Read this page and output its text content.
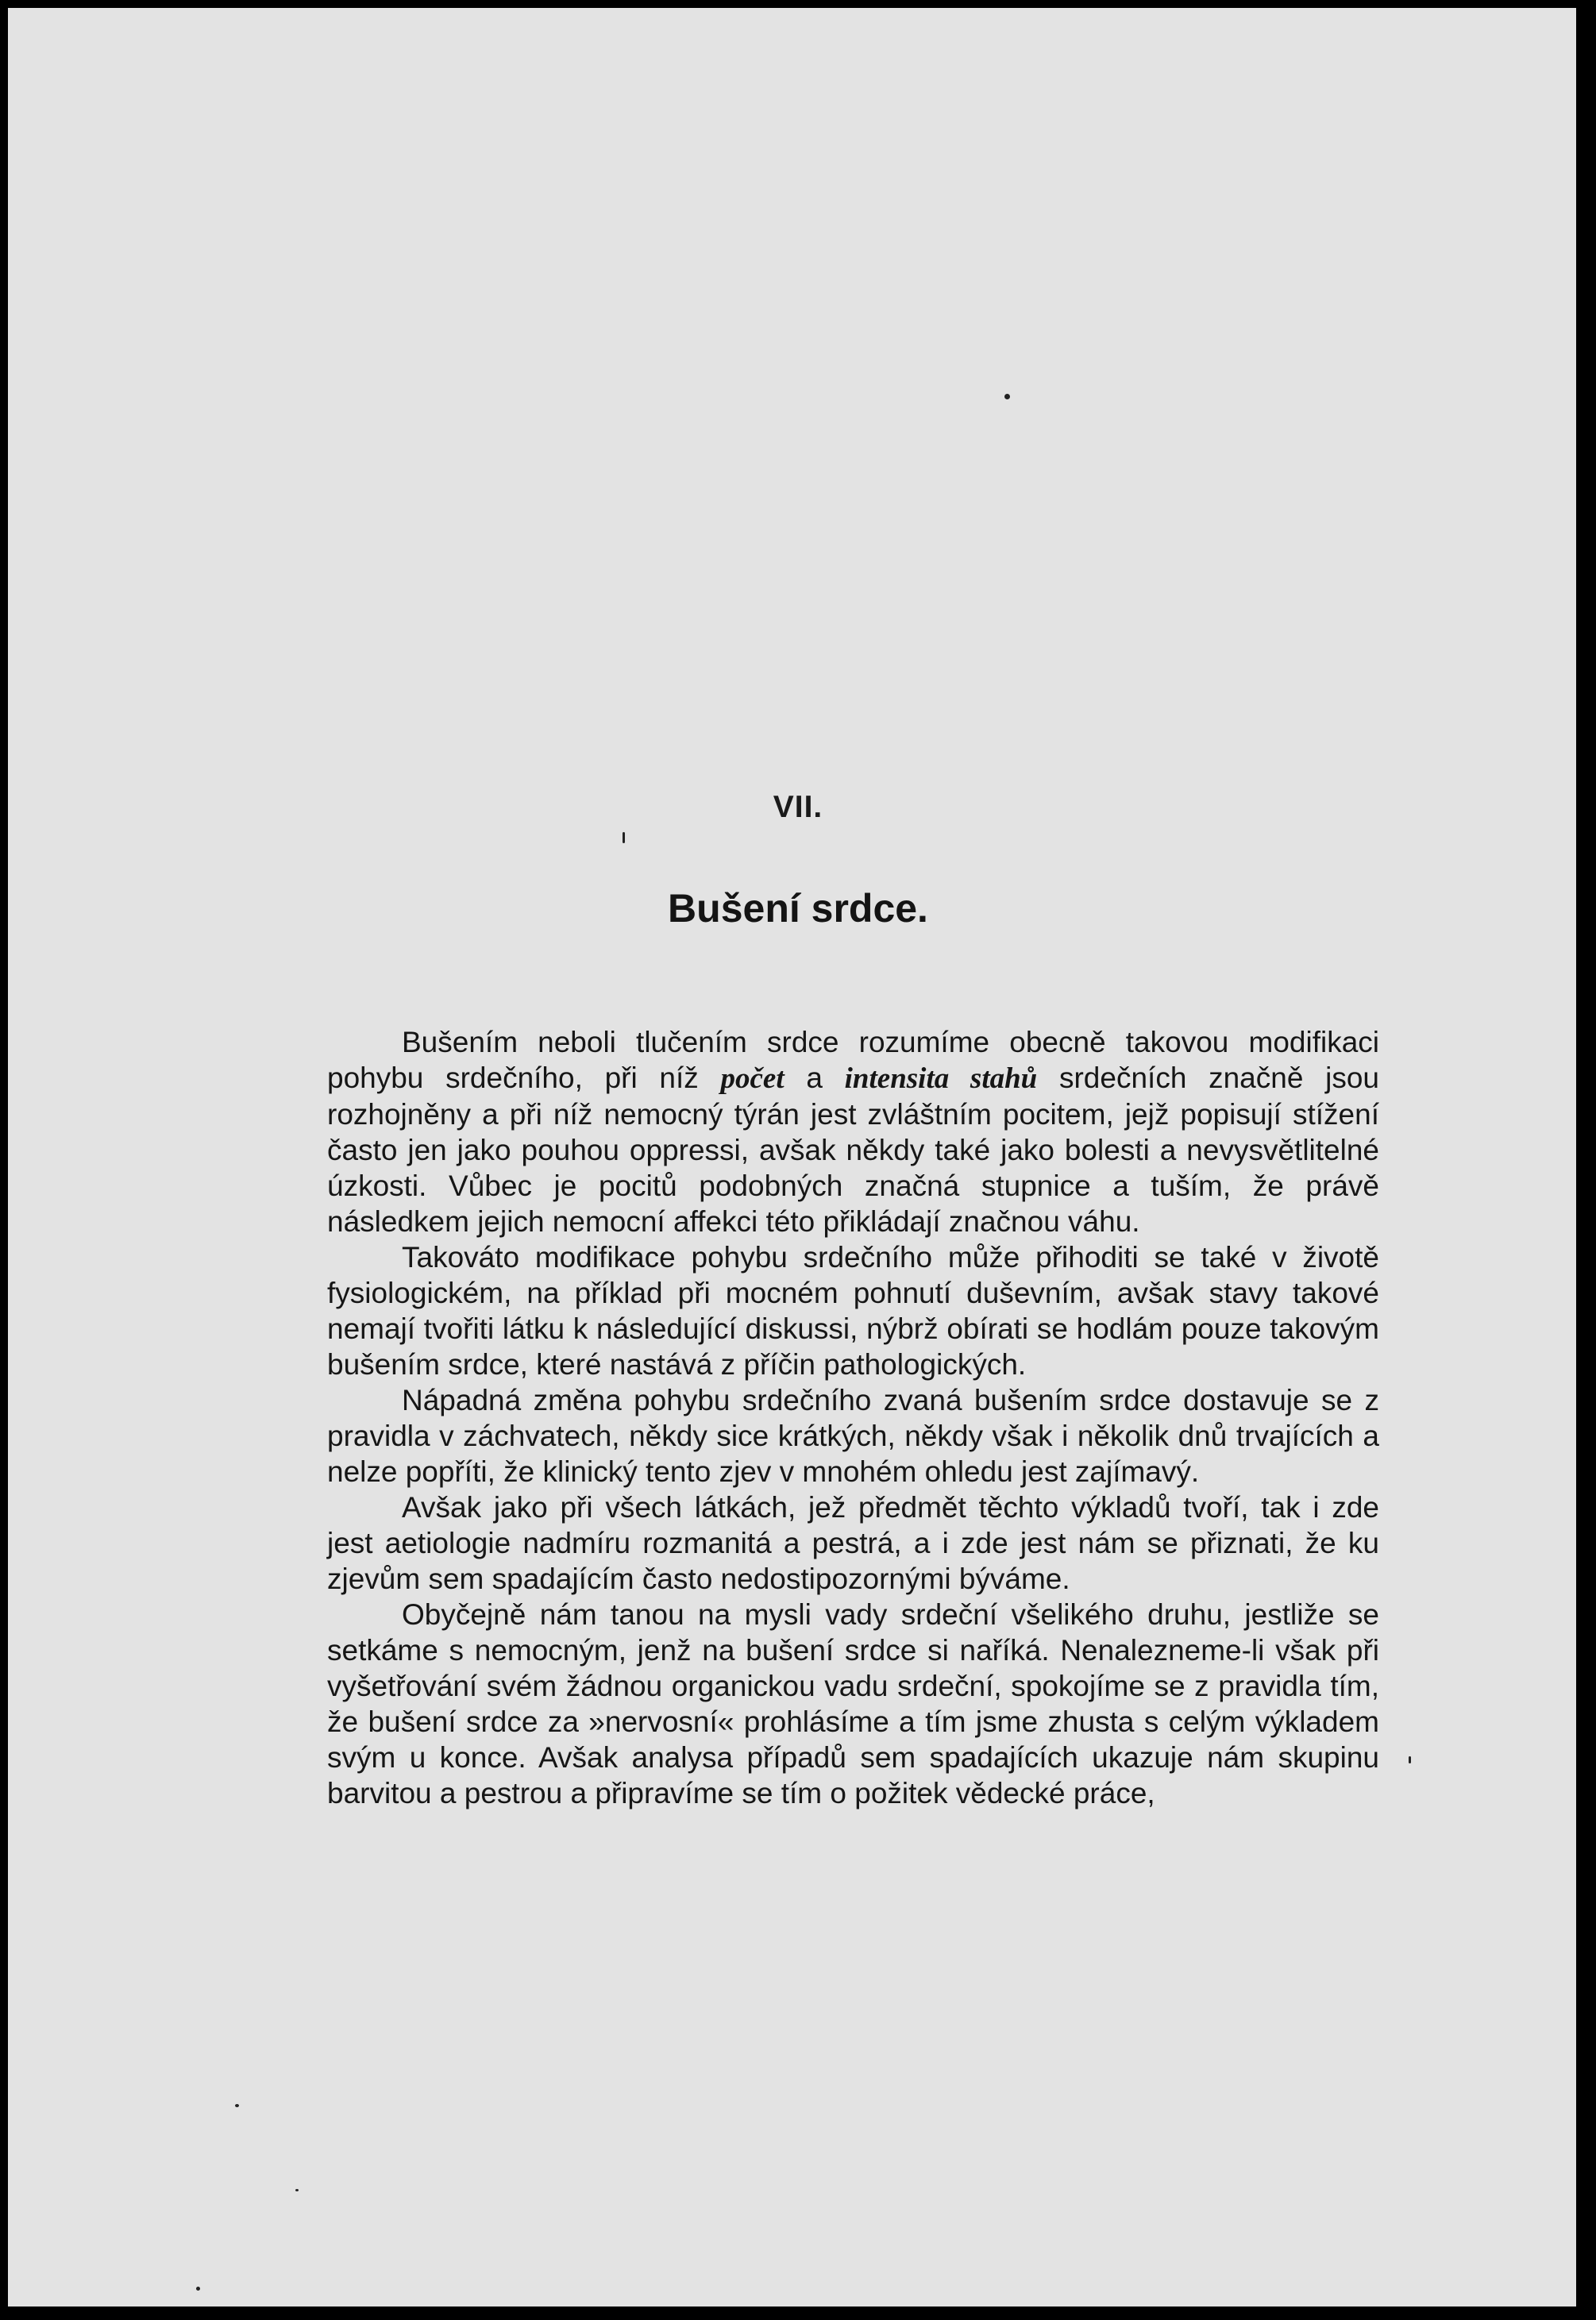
VII.
Bušení srdce.

Bušením neboli tlučením srdce rozumíme obecně takovou modifikaci pohybu srdečního, při níž počet a intensita stahů srdečních značně jsou rozhojněny a při níž nemocný týrán jest zvláštním pocitem, jejž popisují stížení často jen jako pouhou oppressi, avšak někdy také jako bolesti a nevysvětlitelné úzkosti. Vůbec je pocitů podobných značná stupnice a tuším, že právě následkem jejich nemocní affekci této přikládají značnou váhu.

Takováto modifikace pohybu srdečního může přihoditi se také v životě fysiologickém, na příklad při mocném pohnutí duševním, avšak stavy takové nemají tvořiti látku k následující diskussi, nýbrž obírati se hodlám pouze takovým bušením srdce, které nastává z příčin pathologických.

Nápadná změna pohybu srdečního zvaná bušením srdce dostavuje se z pravidla v záchvatech, někdy sice krátkých, někdy však i několik dnů trvajících a nelze popříti, že klinický tento zjev v mnohém ohledu jest zajímavý.

Avšak jako při všech látkách, jež předmět těchto výkladů tvoří, tak i zde jest aetiologie nadmíru rozmanitá a pestrá, a i zde jest nám se přiznati, že ku zjevům sem spadajícím často nedostipozornými býváme.

Obyčejně nám tanou na mysli vady srdeční všelikého druhu, jestliže se setkáme s nemocným, jenž na bušení srdce si naříká. Nenalezneme-li však při vyšetřování svém žádnou organickou vadu srdeční, spokojíme se z pravidla tím, že bušení srdce za »nervosní« prohlásíme a tím jsme zhusta s celým výkladem svým u konce. Avšak analysa případů sem spadajících ukazuje nám skupinu barvitou a pestrou a připravíme se tím o požitek vědecké práce,
